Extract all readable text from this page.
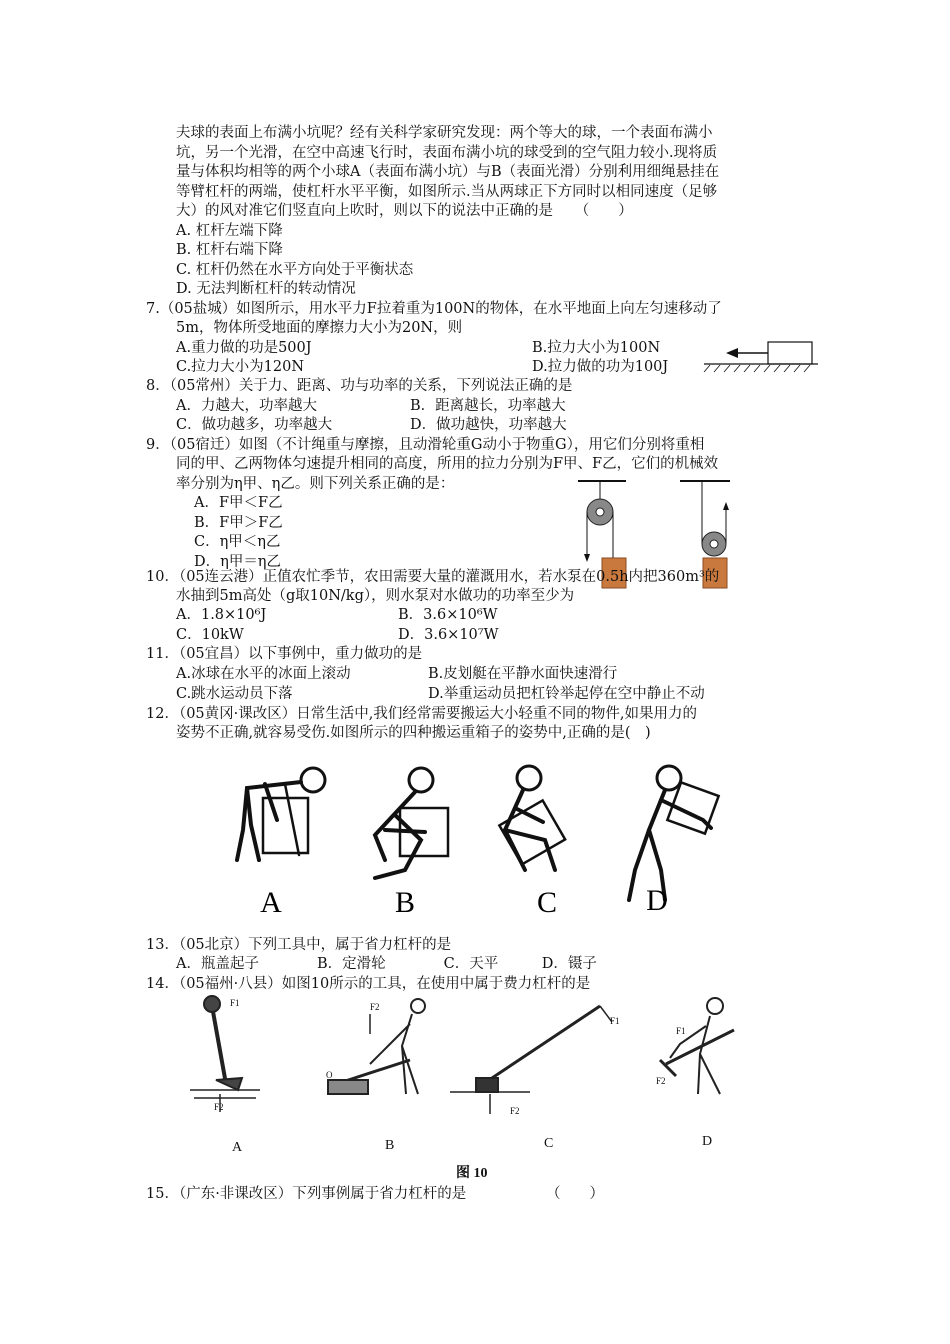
夫球的表面上布满小坑呢？经有关科学家研究发现：两个等大的球，一个表面布满小
坑，另一个光滑，在空中高速飞行时，表面布满小坑的球受到的空气阻力较小.现将质
量与体积均相等的两个小球A（表面布满小坑）与B（表面光滑）分别利用细绳悬挂在
等臂杠杆的两端，使杠杆水平平衡，如图所示.当从两球正下方同时以相同速度（足够
大）的风对准它们竖直向上吹时，则以下的说法中正确的是　　（　　）
A. 杠杆左端下降
B. 杠杆右端下降
C. 杠杆仍然在水平方向处于平衡状态
D. 无法判断杠杆的转动情况
7.（05盐城）如图所示，用水平力F拉着重为100N的物体，在水平地面上向左匀速移动了
5m，物体所受地面的摩擦力大小为20N，则
A.重力做的功是500J	B.拉力大小为100N
C.拉力大小为120N	D.拉力做的功为100J
8．（05常州）关于力、距离、功与功率的关系，下列说法正确的是
A．力越大，功率越大	B．距离越长，功率越大
C．做功越多，功率越大	D．做功越快，功率越大
9．（05宿迁）如图（不计绳重与摩擦，且动滑轮重G动小于物重G），用它们分别将重相
同的甲、乙两物体匀速提升相同的高度，所用的拉力分别为F甲、F乙，它们的机械效
率分别为η甲、η乙。则下列关系正确的是：
A．F甲＜F乙
B．F甲＞F乙
C．η甲＜η乙
D．η甲＝η乙
10．（05连云港）正值农忙季节，农田需要大量的灌溉用水，若水泵在0.5h内把360m³的
水抽到5m高处（g取10N/kg），则水泵对水做功的功率至少为
A．1.8×10⁶J	B．3.6×10⁶W
C．10kW	D．3.6×10⁷W
11．（05宜昌）以下事例中，重力做功的是
A.冰球在水平的冰面上滚动	B.皮划艇在平静水面快速滑行
C.跳水运动员下落	D.举重运动员把杠铃举起停在空中静止不动
12．（05黄冈·课改区）日常生活中,我们经常需要搬运大小轻重不同的物件,如果用力的
姿势不正确,就容易受伤.如图所示的四种搬运重箱子的姿势中,正确的是(　)
A	B	C	D
13．（05北京）下列工具中，属于省力杠杆的是
A．瓶盖起子　　　　B．定滑轮　　　　C．天平　　　D．镊子
14．（05福州·八县）如图10所示的工具，在使用中属于费力杠杆的是
F1
F2
F2
O
F1
F2
F1
F2
A	B	C	D
图 10
15．（广东·非课改区）下列事例属于省力杠杆的是　　　　　　（　　）
